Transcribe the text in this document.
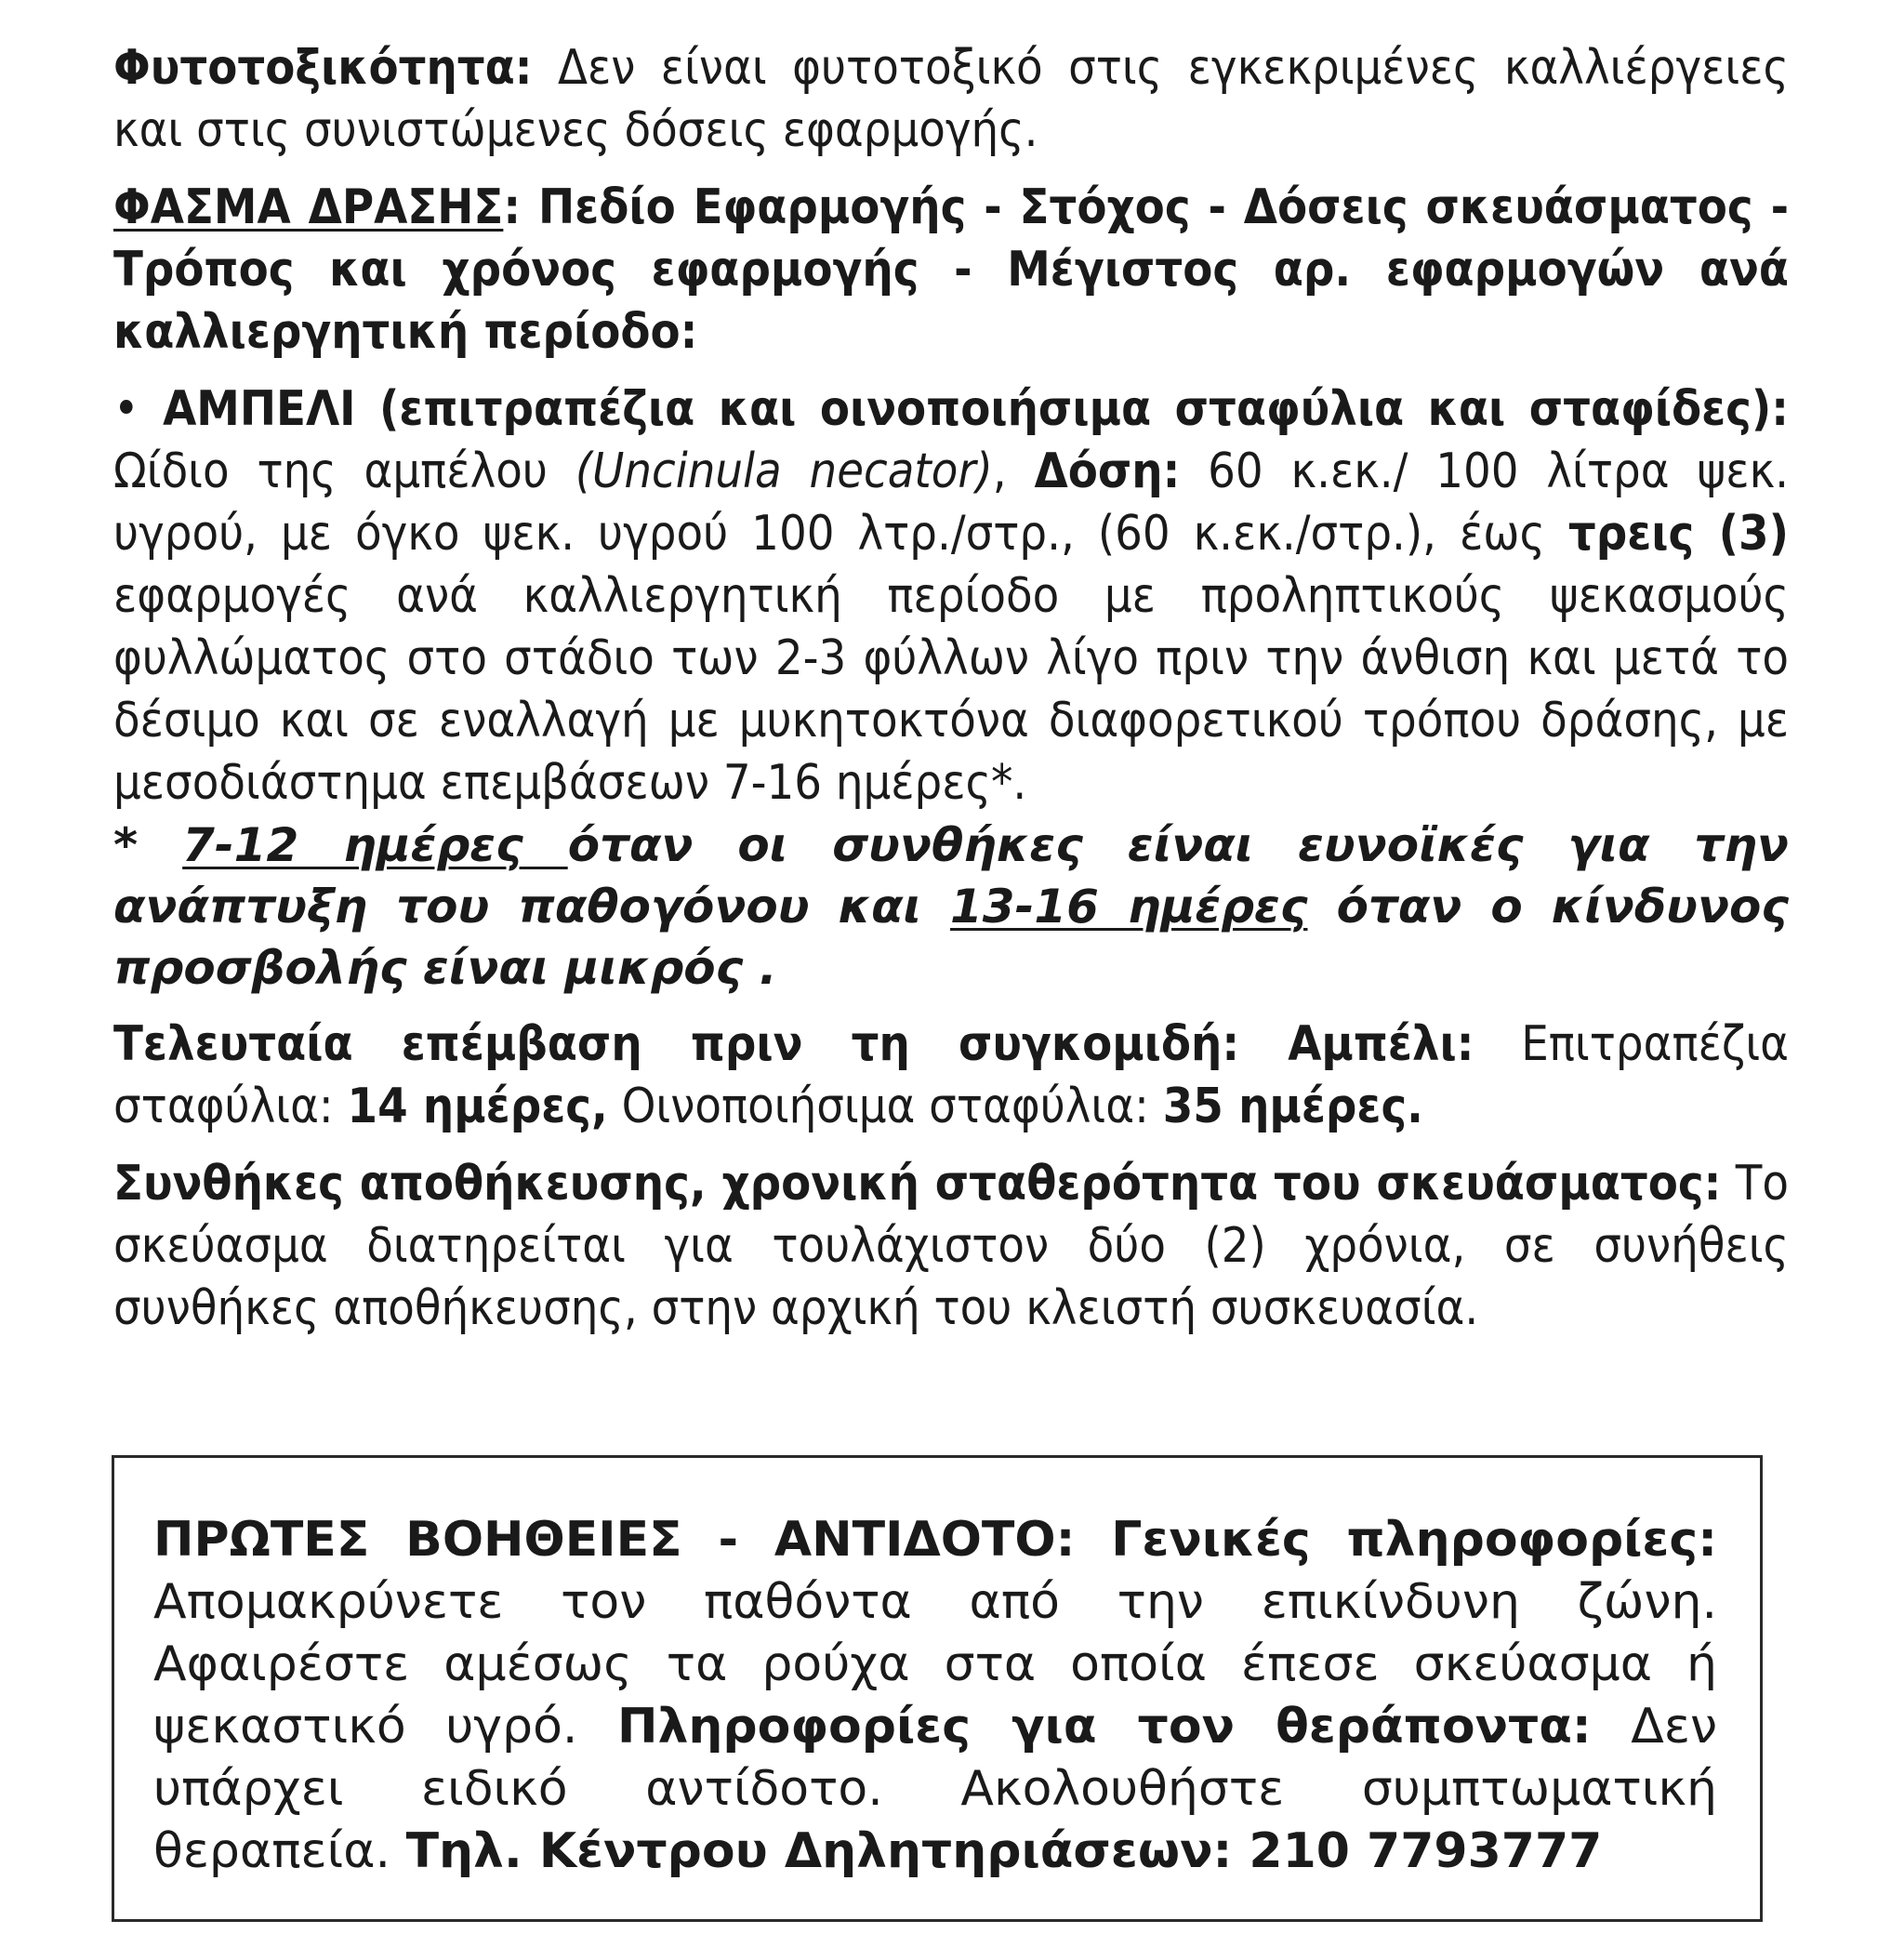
Φυτοτοξικότητα: Δεν είναι φυτοτοξικό στις εγκεκριμένες καλλιέργειες και στις συνιστώμενες δόσεις εφαρμογής.

ΦΑΣΜΑ ΔΡΑΣΗΣ: Πεδίο Εφαρμογής - Στόχος - Δόσεις σκευάσματος - Τρόπος και χρόνος εφαρμογής - Μέγιστος αρ. εφαρμογών ανά καλλιεργητική περίοδο:

• ΑΜΠΕΛΙ (επιτραπέζια και οινοποιήσιμα σταφύλια και σταφίδες): Ωίδιο της αμπέλου (Uncinula necator), Δόση: 60 κ.εκ./ 100 λίτρα ψεκ. υγρού, με όγκο ψεκ. υγρού 100 λτρ./στρ., (60 κ.εκ./στρ.), έως τρεις (3) εφαρμογές ανά καλλιεργητική περίοδο με προληπτικούς ψεκασμούς φυλλώματος στο στάδιο των 2-3 φύλλων λίγο πριν την άνθιση και μετά το δέσιμο και σε εναλλαγή με μυκητοκτόνα διαφορετικού τρόπου δράσης, με μεσοδιάστημα επεμβάσεων 7-16 ημέρες*.

* 7-12 ημέρες όταν οι συνθήκες είναι ευνοϊκές για την ανάπτυξη του παθογόνου και 13-16 ημέρες όταν ο κίνδυνος προσβολής είναι μικρός .

Τελευταία επέμβαση πριν τη συγκομιδή: Αμπέλι: Επιτραπέζια σταφύλια: 14 ημέρες, Οινοποιήσιμα σταφύλια: 35 ημέρες.

Συνθήκες αποθήκευσης, χρονική σταθερότητα του σκευάσματος: Το σκεύασμα διατηρείται για τουλάχιστον δύο (2) χρόνια, σε συνήθεις συνθήκες αποθήκευσης, στην αρχική του κλειστή συσκευασία.

ΠΡΩΤΕΣ ΒΟΗΘΕΙΕΣ - ΑΝΤΙΔΟΤΟ: Γενικές πληροφορίες: Απομακρύνετε τον παθόντα από την επικίνδυνη ζώνη. Αφαιρέστε αμέσως τα ρούχα στα οποία έπεσε σκεύασμα ή ψεκαστικό υγρό. Πληροφορίες για τον θεράποντα: Δεν υπάρχει ειδικό αντίδοτο. Ακολουθήστε συμπτωματική θεραπεία. Τηλ. Κέντρου Δηλητηριάσεων: 210 7793777
